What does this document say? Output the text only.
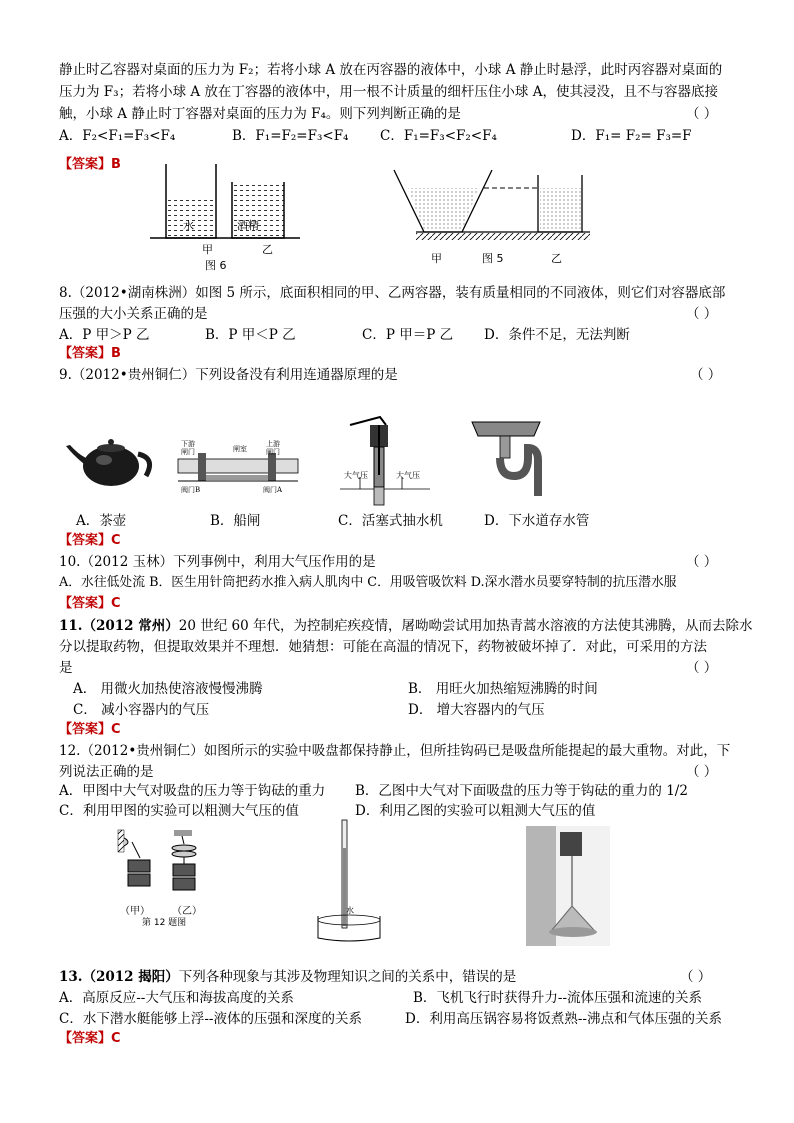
静止时乙容器对桌面的压力为 F₂；若将小球 A 放在丙容器的液体中，小球 A 静止时悬浮，此时丙容器对桌面的
压力为 F₃；若将小球 A 放在丁容器的液体中，用一根不计质量的细杆压住小球 A，使其浸没，且不与容器底接
触，小球 A 静止时丁容器对桌面的压力为 F₄。则下列判断正确的是	（ ）
A．F₂<F₁=F₃<F₄	B．F₁=F₂=F₃<F₄ C．F₁=F₃<F₂<F₄	D．F₁= F₂= F₃=F
【答案】B
水	酒精
甲	乙
图 6
甲	图 5	乙
8.（2012•湖南株洲）如图 5 所示，底面积相同的甲、乙两容器，装有质量相同的不同液体，则它们对容器底部
压强的大小关系正确的是	（ ）
A．P 甲＞P 乙	B．P 甲＜P 乙	C．P 甲＝P 乙 D．条件不足，无法判断
【答案】B
9.（2012•贵州铜仁）下列设备没有利用连通器原理的是	（ ）
下游
闸门	闸室
上游
闸门
阀门B	阀门A
大气压	大气压
A．茶壶	B．船闸	C．活塞式抽水机	D．下水道存水管
【答案】C
10.（2012 玉林）下列事例中，利用大气压作用的是	（ ）
A．水往低处流 B．医生用针筒把药水推入病人肌肉中 C．用吸管吸饮料 D.深水潜水员要穿特制的抗压潜水服
【答案】C
11.（2012 常州）20 世纪 60 年代，为控制疟疾疫情，屠呦呦尝试用加热青蒿水溶液的方法使其沸腾，从而去除水
分以提取药物，但提取效果并不理想．她猜想：可能在高温的情况下，药物被破坏掉了．对此，可采用的方法
是	（ ）
A． 用微火加热使溶液慢慢沸腾	B． 用旺火加热缩短沸腾的时间
C． 减小容器内的气压	D． 增大容器内的气压
【答案】C
12.（2012•贵州铜仁）如图所示的实验中吸盘都保持静止，但所挂钩码已是吸盘所能提起的最大重物。对此，下
列说法正确的是	（ ）
A．甲图中大气对吸盘的压力等于钩砝的重力 B．乙图中大气对下面吸盘的压力等于钩砝的重力的 1/2
C．利用甲图的实验可以粗测大气压的值	D．利用乙图的实验可以粗测大气压的值
（甲） （乙）
第 12 题图
水
13.（2012 揭阳）下列各种现象与其涉及物理知识之间的关系中，错误的是	（ ）
A．高原反应--大气压和海拔高度的关系	B．飞机飞行时获得升力--流体压强和流速的关系
C．水下潜水艇能够上浮--液体的压强和深度的关系	D．利用高压锅容易将饭煮熟--沸点和气体压强的关系
【答案】C
